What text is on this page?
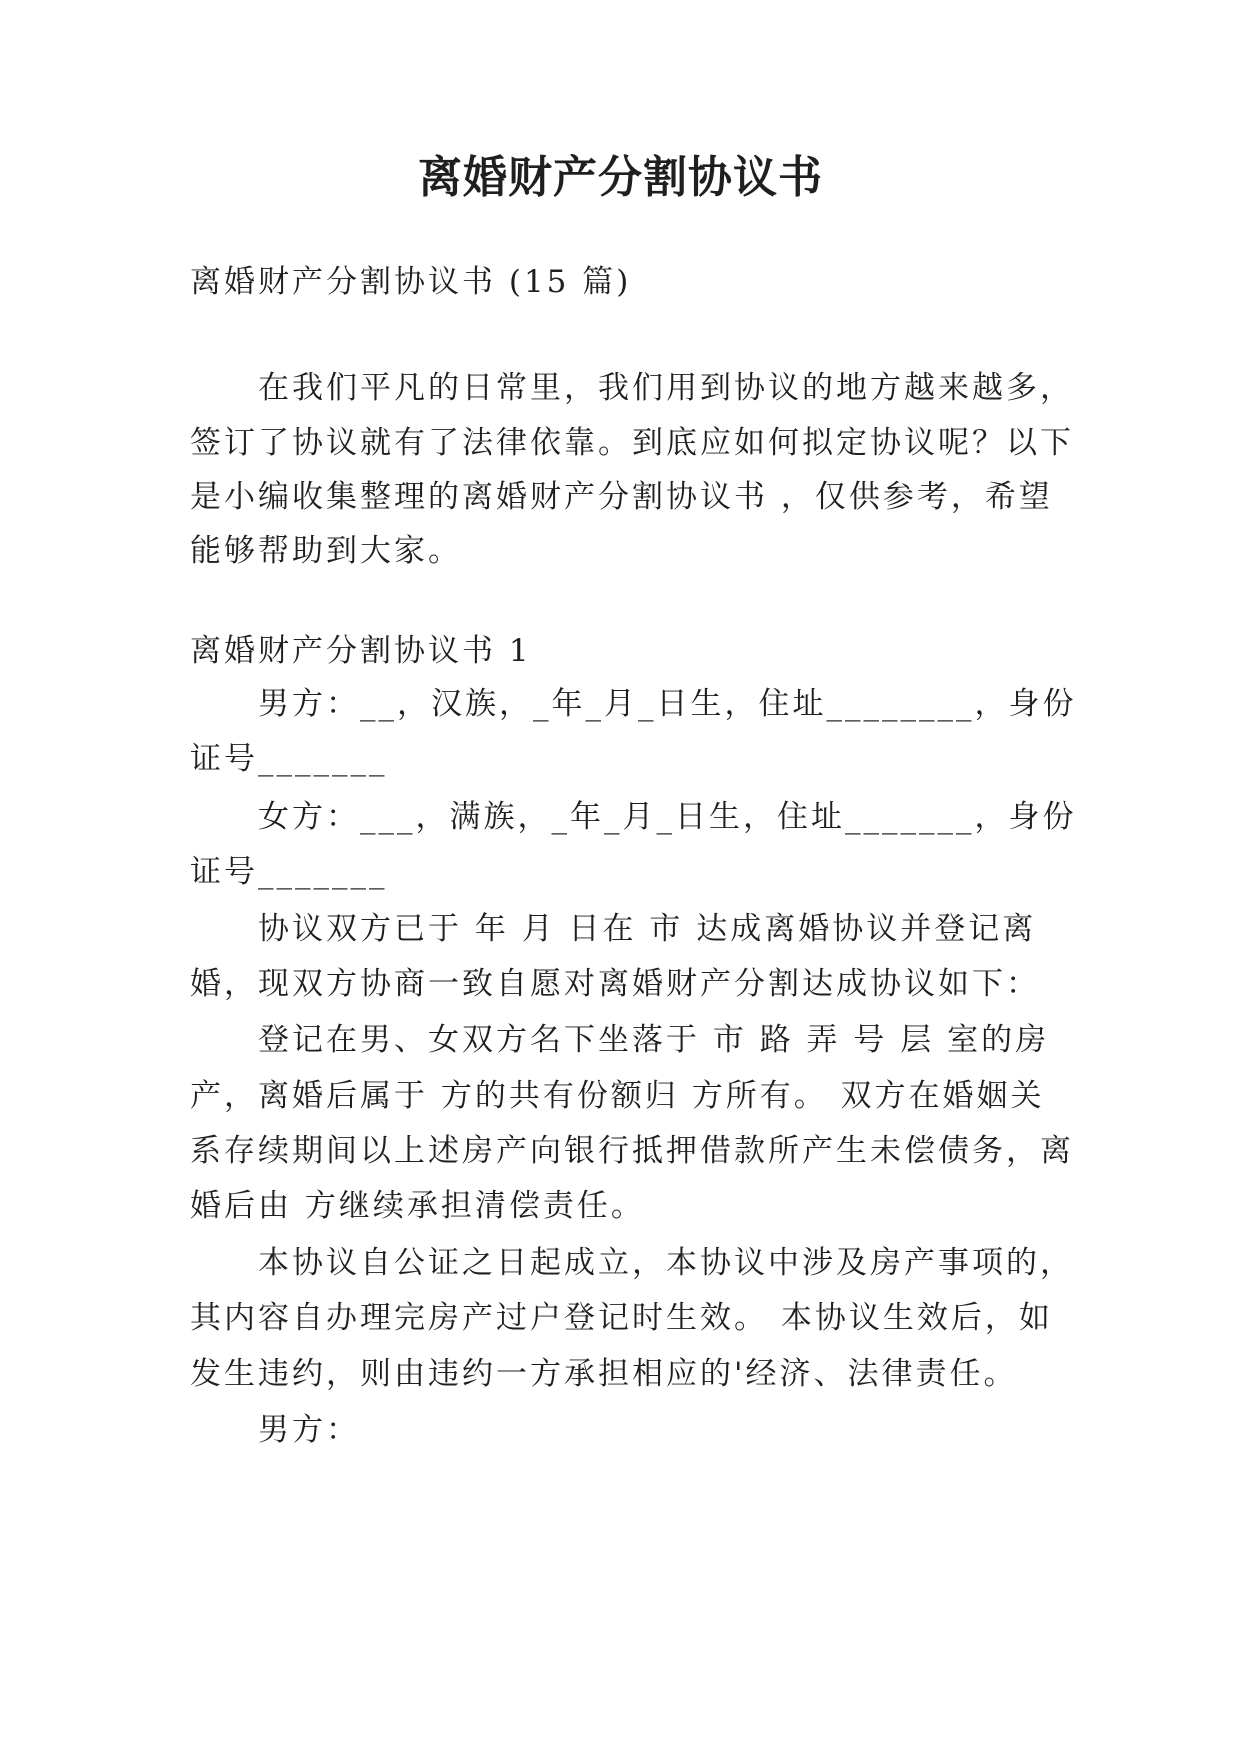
离婚财产分割协议书
离婚财产分割协议书 (15 篇)
在我们平凡的日常里，我们用到协议的地方越来越多，
签订了协议就有了法律依靠。到底应如何拟定协议呢？以下
是小编收集整理的离婚财产分割协议书 ，仅供参考，希望
能够帮助到大家。
离婚财产分割协议书 1
男方：__，汉族，_年_月_日生，住址________，身份
证号_______
女方：___，满族，_年_月_日生，住址_______，身份
证号_______
协议双方已于 年 月 日在 市 达成离婚协议并登记离
婚，现双方协商一致自愿对离婚财产分割达成协议如下：
登记在男、女双方名下坐落于 市 路 弄 号 层 室的房
产，离婚后属于 方的共有份额归 方所有。 双方在婚姻关
系存续期间以上述房产向银行抵押借款所产生未偿债务，离
婚后由 方继续承担清偿责任。
本协议自公证之日起成立，本协议中涉及房产事项的，
其内容自办理完房产过户登记时生效。 本协议生效后，如
发生违约，则由违约一方承担相应的'经济、法律责任。
男方：
